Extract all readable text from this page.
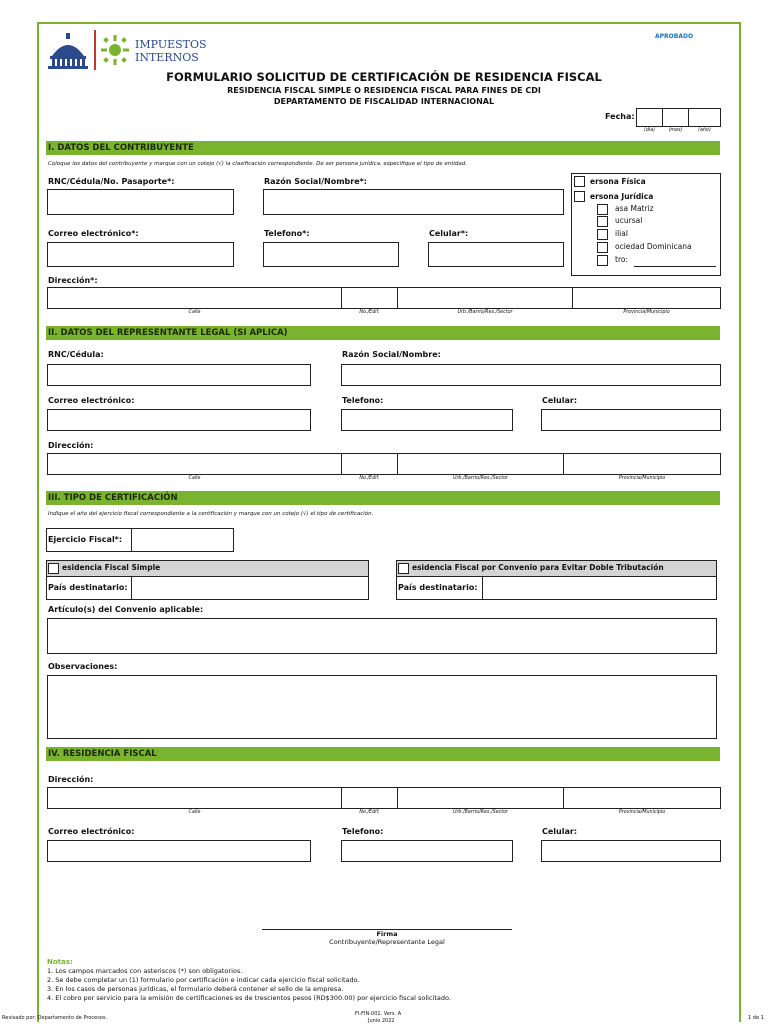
IMPUESTOS
INTERNOS
APROBADO
FORMULARIO SOLICITUD DE CERTIFICACIÓN DE RESIDENCIA FISCAL
RESIDENCIA FISCAL SIMPLE O RESIDENCIA FISCAL PARA FINES DE CDI
DEPARTAMENTO DE FISCALIDAD INTERNACIONAL
Fecha:
(día)	(mes)	(año)
I. DATOS DEL CONTRIBUYENTE
Coloque los datos del contribuyente y marque con un cotejo (√) la clasificación correspondiente. De ser persona jurídica, especifique el tipo de entidad.
RNC/Cédula/No. Pasaporte*:	Razón Social/Nombre*:
Correo electrónico*:	Telefono*:	Celular*:
ersona Física
ersona Jurídica
asa Matriz
ucursal
ilial
ociedad Dominicana
tro:
Dirección*:
Calle	No./Edif.	Urb./Barrio/Res./Sector	Provincia/Municipio
II. DATOS DEL REPRESENTANTE LEGAL (SI APLICA)
RNC/Cédula:	Razón Social/Nombre:
Correo electrónico:	Telefono:	Celular:
Dirección:
Calle	No./Edif.	Urb./Barrio/Res./Sector	Provincia/Municipio
III. TIPO DE CERTIFICACIÓN
Indique el año del ejercicio fiscal correspondiente a la certificación y marque con un cotejo (√) el tipo de certificación.
Ejercicio Fiscal*:
esidencia Fiscal Simple	esidencia Fiscal por Convenio para Evitar Doble Tributación
País destinatario:	País destinatario:
Artículo(s) del Convenio aplicable:
Observaciones:
IV. RESIDENCIA FISCAL
Dirección:
Calle	No./Edif.	Urb./Barrio/Res./Sector	Provincia/Municipio
Correo electrónico:	Telefono:	Celular:
Firma
Contribuyente/Representante Legal
Notas:
1. Los campos marcados con asteriscos (*) son obligatorios.
2. Se debe completar un (1) formulario por certificación e indicar cada ejercicio fiscal solicitado.
3. En los casos de personas jurídicas, el formulario deberá contener el sello de la empresa.
4. El cobro por servicio para la emisión de certificaciones es de trescientos pesos (RD$300.00) por ejercicio fiscal solicitado.
Revisado por: Departamento de Procesos.
FI-FIN-001. Vers. A
Junio 2022	1 de 1
